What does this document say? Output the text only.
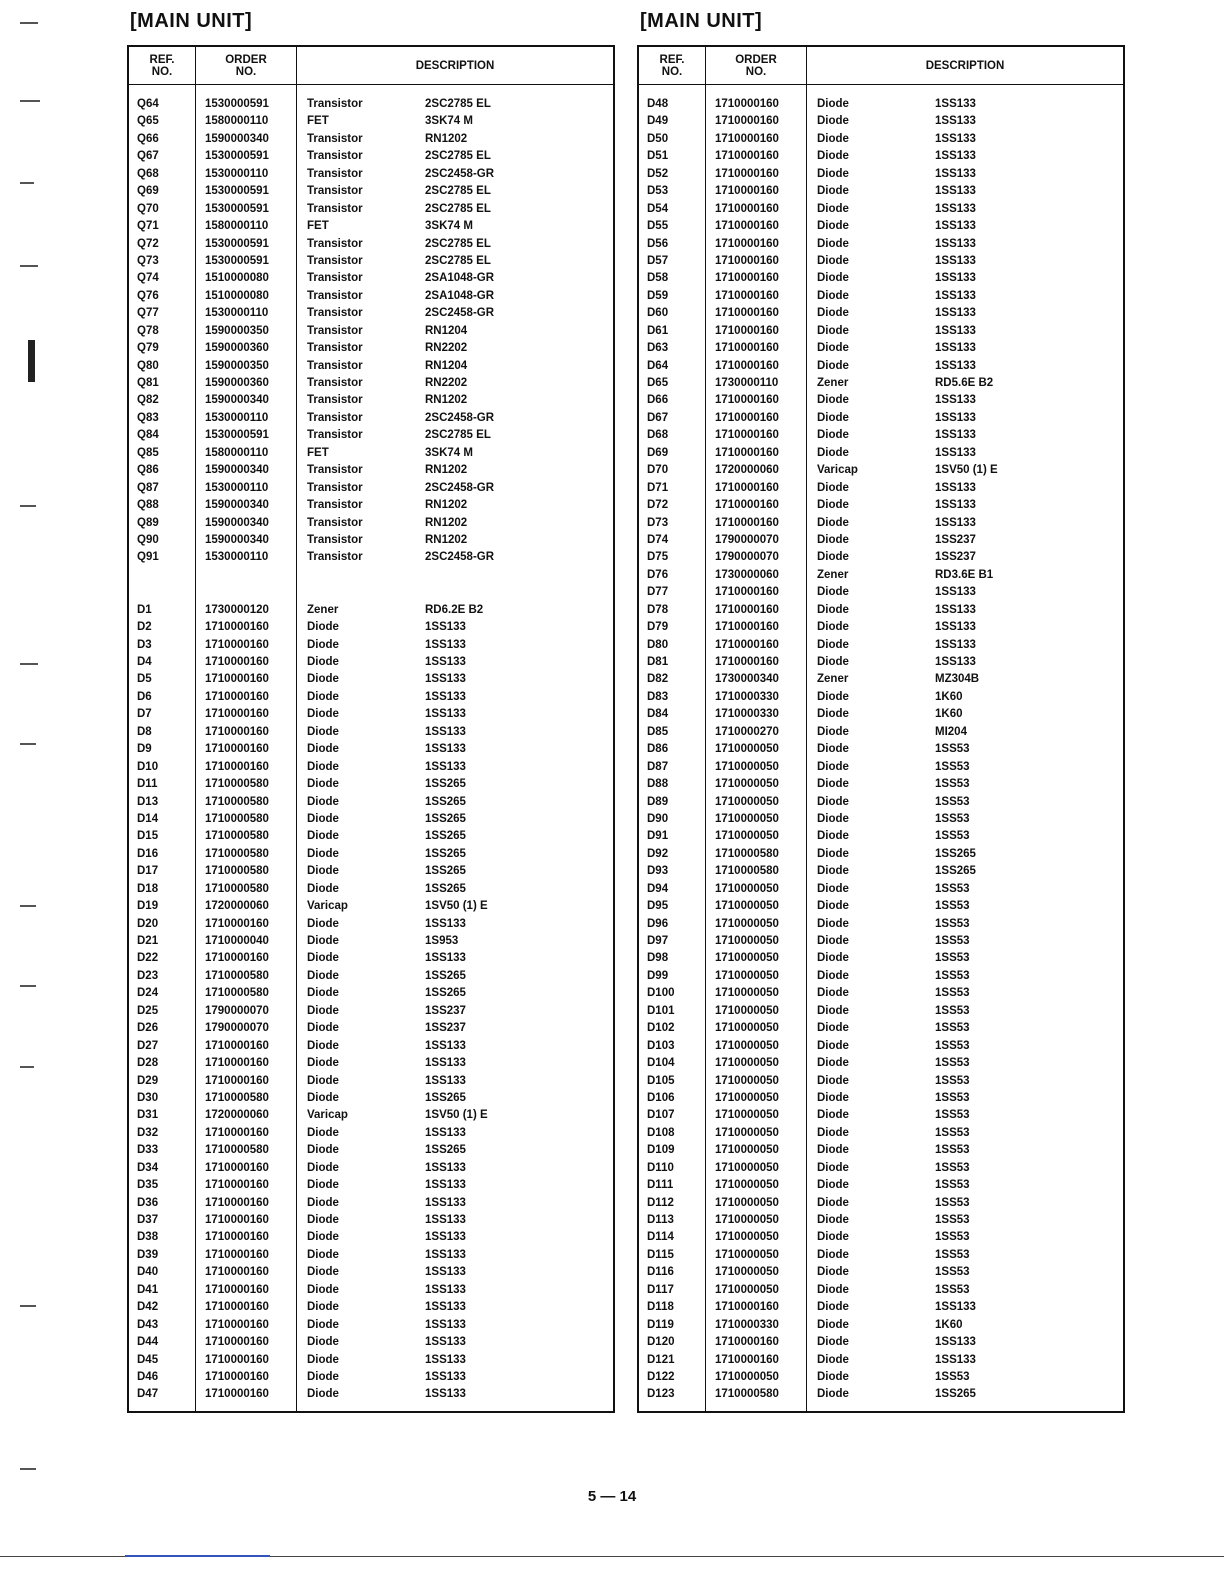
[MAIN UNIT]
REF.
NO.
ORDER
NO.	DESCRIPTION
Q64	1530000591	Transistor	2SC2785 EL
Q65	1580000110	FET	3SK74 M
Q66	1590000340	Transistor	RN1202
Q67	1530000591	Transistor	2SC2785 EL
Q68	1530000110	Transistor	2SC2458-GR
Q69	1530000591	Transistor	2SC2785 EL
Q70	1530000591	Transistor	2SC2785 EL
Q71	1580000110	FET	3SK74 M
Q72	1530000591	Transistor	2SC2785 EL
Q73	1530000591	Transistor	2SC2785 EL
Q74	1510000080	Transistor	2SA1048-GR
Q76	1510000080	Transistor	2SA1048-GR
Q77	1530000110	Transistor	2SC2458-GR
Q78	1590000350	Transistor	RN1204
Q79	1590000360	Transistor	RN2202
Q80	1590000350	Transistor	RN1204
Q81	1590000360	Transistor	RN2202
Q82	1590000340	Transistor	RN1202
Q83	1530000110	Transistor	2SC2458-GR
Q84	1530000591	Transistor	2SC2785 EL
Q85	1580000110	FET	3SK74 M
Q86	1590000340	Transistor	RN1202
Q87	1530000110	Transistor	2SC2458-GR
Q88	1590000340	Transistor	RN1202
Q89	1590000340	Transistor	RN1202
Q90	1590000340	Transistor	RN1202
Q91	1530000110	Transistor	2SC2458-GR
D1	1730000120	Zener	RD6.2E B2
D2	1710000160	Diode	1SS133
D3	1710000160	Diode	1SS133
D4	1710000160	Diode	1SS133
D5	1710000160	Diode	1SS133
D6	1710000160	Diode	1SS133
D7	1710000160	Diode	1SS133
D8	1710000160	Diode	1SS133
D9	1710000160	Diode	1SS133
D10	1710000160	Diode	1SS133
D11	1710000580	Diode	1SS265
D13	1710000580	Diode	1SS265
D14	1710000580	Diode	1SS265
D15	1710000580	Diode	1SS265
D16	1710000580	Diode	1SS265
D17	1710000580	Diode	1SS265
D18	1710000580	Diode	1SS265
D19	1720000060	Varicap	1SV50 (1) E
D20	1710000160	Diode	1SS133
D21	1710000040	Diode	1S953
D22	1710000160	Diode	1SS133
D23	1710000580	Diode	1SS265
D24	1710000580	Diode	1SS265
D25	1790000070	Diode	1SS237
D26	1790000070	Diode	1SS237
D27	1710000160	Diode	1SS133
D28	1710000160	Diode	1SS133
D29	1710000160	Diode	1SS133
D30	1710000580	Diode	1SS265
D31	1720000060	Varicap	1SV50 (1) E
D32	1710000160	Diode	1SS133
D33	1710000580	Diode	1SS265
D34	1710000160	Diode	1SS133
D35	1710000160	Diode	1SS133
D36	1710000160	Diode	1SS133
D37	1710000160	Diode	1SS133
D38	1710000160	Diode	1SS133
D39	1710000160	Diode	1SS133
D40	1710000160	Diode	1SS133
D41	1710000160	Diode	1SS133
D42	1710000160	Diode	1SS133
D43	1710000160	Diode	1SS133
D44	1710000160	Diode	1SS133
D45	1710000160	Diode	1SS133
D46	1710000160	Diode	1SS133
D47	1710000160	Diode	1SS133
[MAIN UNIT]
REF.
NO.
ORDER
NO.	DESCRIPTION
D48	1710000160	Diode	1SS133
D49	1710000160	Diode	1SS133
D50	1710000160	Diode	1SS133
D51	1710000160	Diode	1SS133
D52	1710000160	Diode	1SS133
D53	1710000160	Diode	1SS133
D54	1710000160	Diode	1SS133
D55	1710000160	Diode	1SS133
D56	1710000160	Diode	1SS133
D57	1710000160	Diode	1SS133
D58	1710000160	Diode	1SS133
D59	1710000160	Diode	1SS133
D60	1710000160	Diode	1SS133
D61	1710000160	Diode	1SS133
D63	1710000160	Diode	1SS133
D64	1710000160	Diode	1SS133
D65	1730000110	Zener	RD5.6E B2
D66	1710000160	Diode	1SS133
D67	1710000160	Diode	1SS133
D68	1710000160	Diode	1SS133
D69	1710000160	Diode	1SS133
D70	1720000060	Varicap	1SV50 (1) E
D71	1710000160	Diode	1SS133
D72	1710000160	Diode	1SS133
D73	1710000160	Diode	1SS133
D74	1790000070	Diode	1SS237
D75	1790000070	Diode	1SS237
D76	1730000060	Zener	RD3.6E B1
D77	1710000160	Diode	1SS133
D78	1710000160	Diode	1SS133
D79	1710000160	Diode	1SS133
D80	1710000160	Diode	1SS133
D81	1710000160	Diode	1SS133
D82	1730000340	Zener	MZ304B
D83	1710000330	Diode	1K60
D84	1710000330	Diode	1K60
D85	1710000270	Diode	MI204
D86	1710000050	Diode	1SS53
D87	1710000050	Diode	1SS53
D88	1710000050	Diode	1SS53
D89	1710000050	Diode	1SS53
D90	1710000050	Diode	1SS53
D91	1710000050	Diode	1SS53
D92	1710000580	Diode	1SS265
D93	1710000580	Diode	1SS265
D94	1710000050	Diode	1SS53
D95	1710000050	Diode	1SS53
D96	1710000050	Diode	1SS53
D97	1710000050	Diode	1SS53
D98	1710000050	Diode	1SS53
D99	1710000050	Diode	1SS53
D100	1710000050	Diode	1SS53
D101	1710000050	Diode	1SS53
D102	1710000050	Diode	1SS53
D103	1710000050	Diode	1SS53
D104	1710000050	Diode	1SS53
D105	1710000050	Diode	1SS53
D106	1710000050	Diode	1SS53
D107	1710000050	Diode	1SS53
D108	1710000050	Diode	1SS53
D109	1710000050	Diode	1SS53
D110	1710000050	Diode	1SS53
D111	1710000050	Diode	1SS53
D112	1710000050	Diode	1SS53
D113	1710000050	Diode	1SS53
D114	1710000050	Diode	1SS53
D115	1710000050	Diode	1SS53
D116	1710000050	Diode	1SS53
D117	1710000050	Diode	1SS53
D118	1710000160	Diode	1SS133
D119	1710000330	Diode	1K60
D120	1710000160	Diode	1SS133
D121	1710000160	Diode	1SS133
D122	1710000050	Diode	1SS53
D123	1710000580	Diode	1SS265
5 — 14
